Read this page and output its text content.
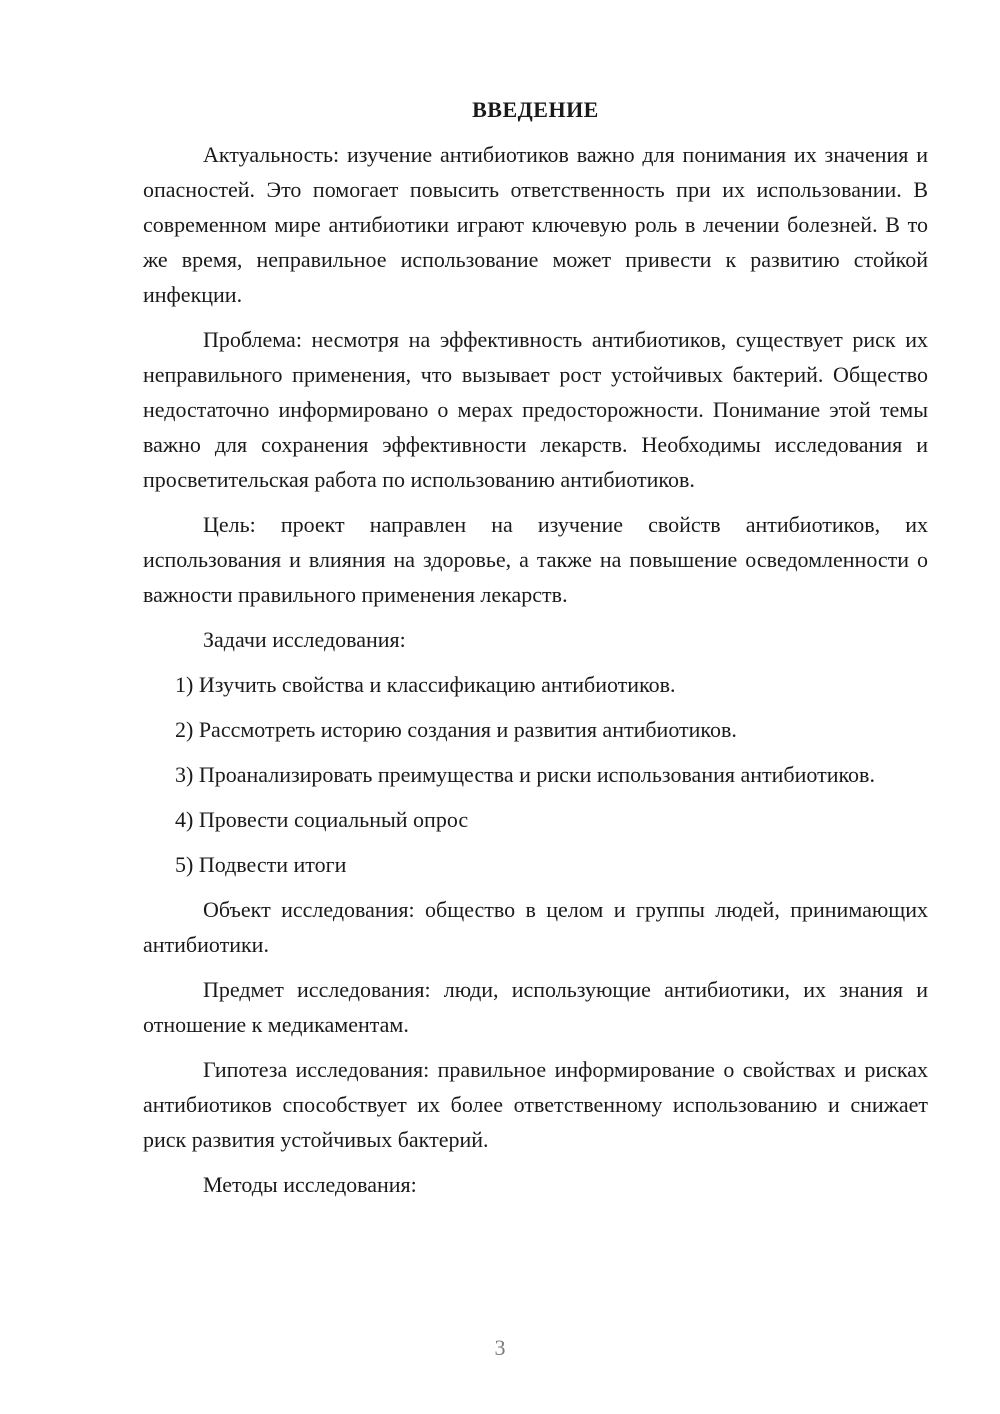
ВВЕДЕНИЕ

Актуальность: изучение антибиотиков важно для понимания их значения и опасностей. Это помогает повысить ответственность при их использовании. В современном мире антибиотики играют ключевую роль в лечении болезней. В то же время, неправильное использование может привести к развитию стойкой инфекции.

Проблема: несмотря на эффективность антибиотиков, существует риск их неправильного применения, что вызывает рост устойчивых бактерий. Общество недостаточно информировано о мерах предосторожности. Понимание этой темы важно для сохранения эффективности лекарств. Необходимы исследования и просветительская работа по использованию антибиотиков.

Цель: проект направлен на изучение свойств антибиотиков, их использования и влияния на здоровье, а также на повышение осведомленности о важности правильного применения лекарств.

Задачи исследования:

1) Изучить свойства и классификацию антибиотиков.

2) Рассмотреть историю создания и развития антибиотиков.

3) Проанализировать преимущества и риски использования антибиотиков.

4) Провести социальный опрос

5) Подвести итоги

Объект исследования: общество в целом и группы людей, принимающих антибиотики.

Предмет исследования: люди, использующие антибиотики, их знания и отношение к медикаментам.

Гипотеза исследования: правильное информирование о свойствах и рисках антибиотиков способствует их более ответственному использованию и снижает риск развития устойчивых бактерий.

Методы исследования:

3
